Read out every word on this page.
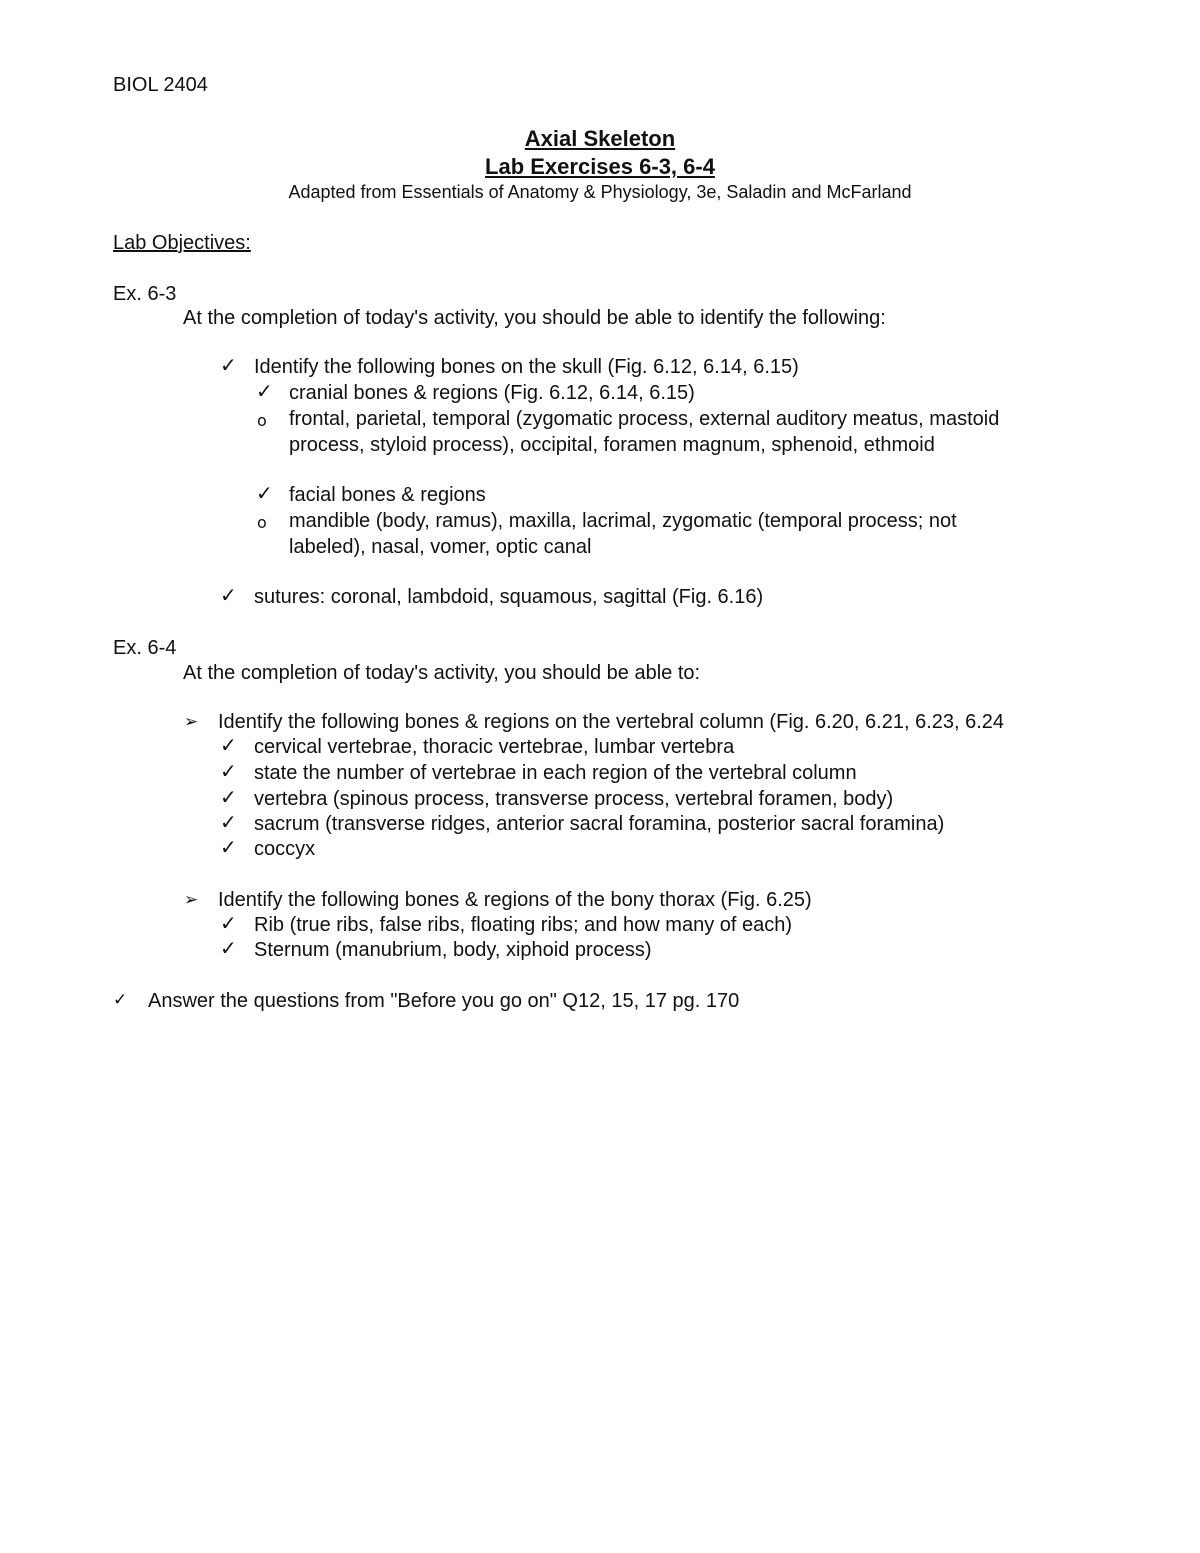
BIOL 2404
Axial Skeleton
Lab Exercises 6-3, 6-4
Adapted from Essentials of Anatomy & Physiology, 3e, Saladin and McFarland
Lab Objectives:
Ex. 6-3
At the completion of today's activity, you should be able to identify the following:
✓ Identify the following bones on the skull (Fig. 6.12, 6.14, 6.15)
✓ cranial bones & regions (Fig. 6.12, 6.14, 6.15)
o frontal, parietal, temporal (zygomatic process, external auditory meatus, mastoid
process, styloid process), occipital, foramen magnum, sphenoid, ethmoid
✓ facial bones & regions
o mandible (body, ramus), maxilla, lacrimal, zygomatic (temporal process; not
labeled), nasal, vomer, optic canal
✓ sutures: coronal, lambdoid, squamous, sagittal (Fig. 6.16)
Ex. 6-4
At the completion of today's activity, you should be able to:
➢ Identify the following bones & regions on the vertebral column (Fig. 6.20, 6.21, 6.23, 6.24
✓ cervical vertebrae, thoracic vertebrae, lumbar vertebra
✓ state the number of vertebrae in each region of the vertebral column
✓ vertebra (spinous process, transverse process, vertebral foramen, body)
✓ sacrum (transverse ridges, anterior sacral foramina, posterior sacral foramina)
✓ coccyx
➢ Identify the following bones & regions of the bony thorax (Fig. 6.25)
✓ Rib (true ribs, false ribs, floating ribs; and how many of each)
✓ Sternum (manubrium, body, xiphoid process)
✓ Answer the questions from "Before you go on" Q12, 15, 17 pg. 170
